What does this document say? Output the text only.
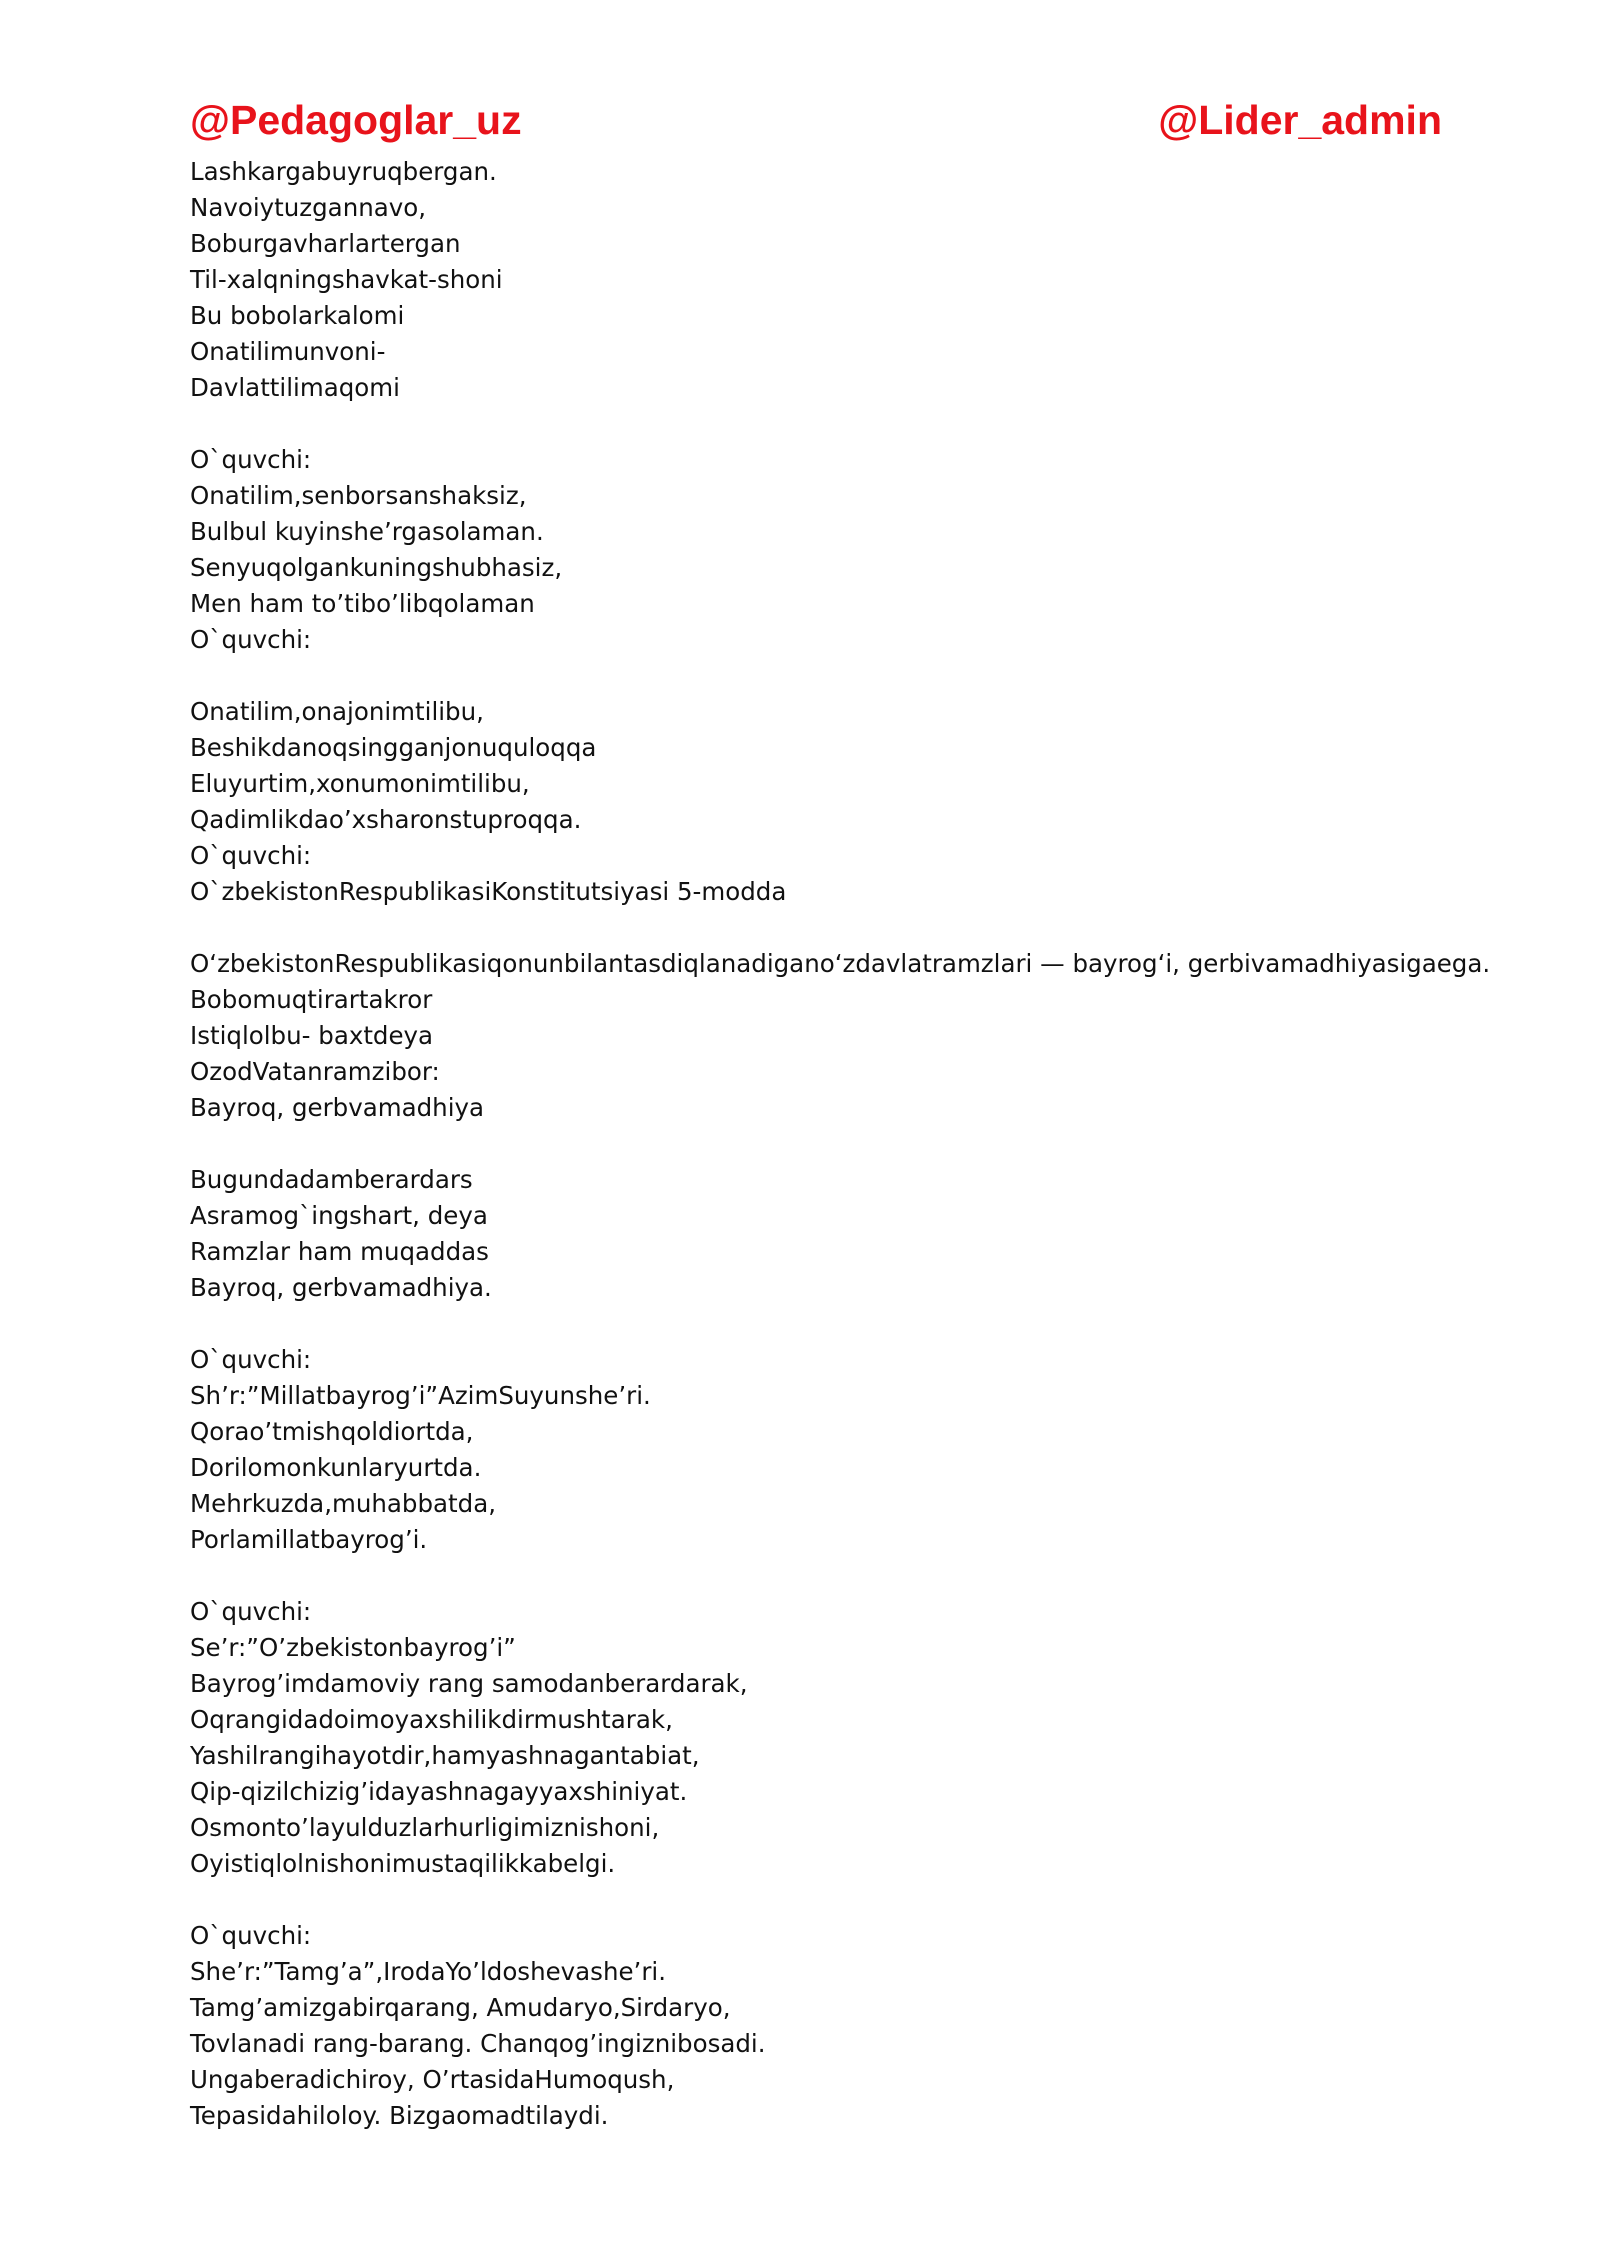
@Pedagoglar_uz	@Lider_admin
Lashkargabuyruqbergan.
Navoiytuzgannavo,
Boburgavharlartergan
Til-xalqningshavkat-shoni
Bu bobolarkalomi
Onatilimunvoni-
Davlattilimaqomi
O`quvchi:
Onatilim,senborsanshaksiz,
Bulbul kuyinshe’rgasolaman.
Senyuqolgankuningshubhasiz,
Men ham to’tibo’libqolaman
O`quvchi:
Onatilim,onajonimtilibu,
Beshikdanoqsingganjonuquloqqa
Eluyurtim,xonumonimtilibu,
Qadimlikdao’xsharonstuproqqa.
O`quvchi:
O`zbekistonRespublikasiKonstitutsiyasi 5-modda
O‘zbekistonRespublikasiqonunbilantasdiqlanadigano‘zdavlatramzlari — bayrog‘i, gerbivamadhiyasigaega.
Bobomuqtirartakror
Istiqlolbu- baxtdeya
OzodVatanramzibor:
Bayroq, gerbvamadhiya
Bugundadamberardars
Asramog`ingshart, deya
Ramzlar ham muqaddas
Bayroq, gerbvamadhiya.
O`quvchi:
Sh’r:”Millatbayrog’i”AzimSuyunshe’ri.
Qorao’tmishqoldiortda,
Dorilomonkunlaryurtda.
Mehrkuzda,muhabbatda,
Porlamillatbayrog’i.
O`quvchi:
Se’r:”O’zbekistonbayrog’i”
Bayrog’imdamoviy rang samodanberardarak,
Oqrangidadoimoyaxshilikdirmushtarak,
Yashilrangihayotdir,hamyashnagantabiat,
Qip-qizilchizig’idayashnagayyaxshiniyat.
Osmonto’layulduzlarhurligimiznishoni,
Oyistiqlolnishonimustaqilikkabelgi.
O`quvchi:
She’r:”Tamg’a”,IrodaYo’ldoshevashe’ri.
Tamg’amizgabirqarang, Amudaryo,Sirdaryo,
Tovlanadi rang-barang. Chanqog’ingiznibosadi.
Ungaberadichiroy, O’rtasidaHumoqush,
Tepasidahiloloy. Bizgaomadtilaydi.
